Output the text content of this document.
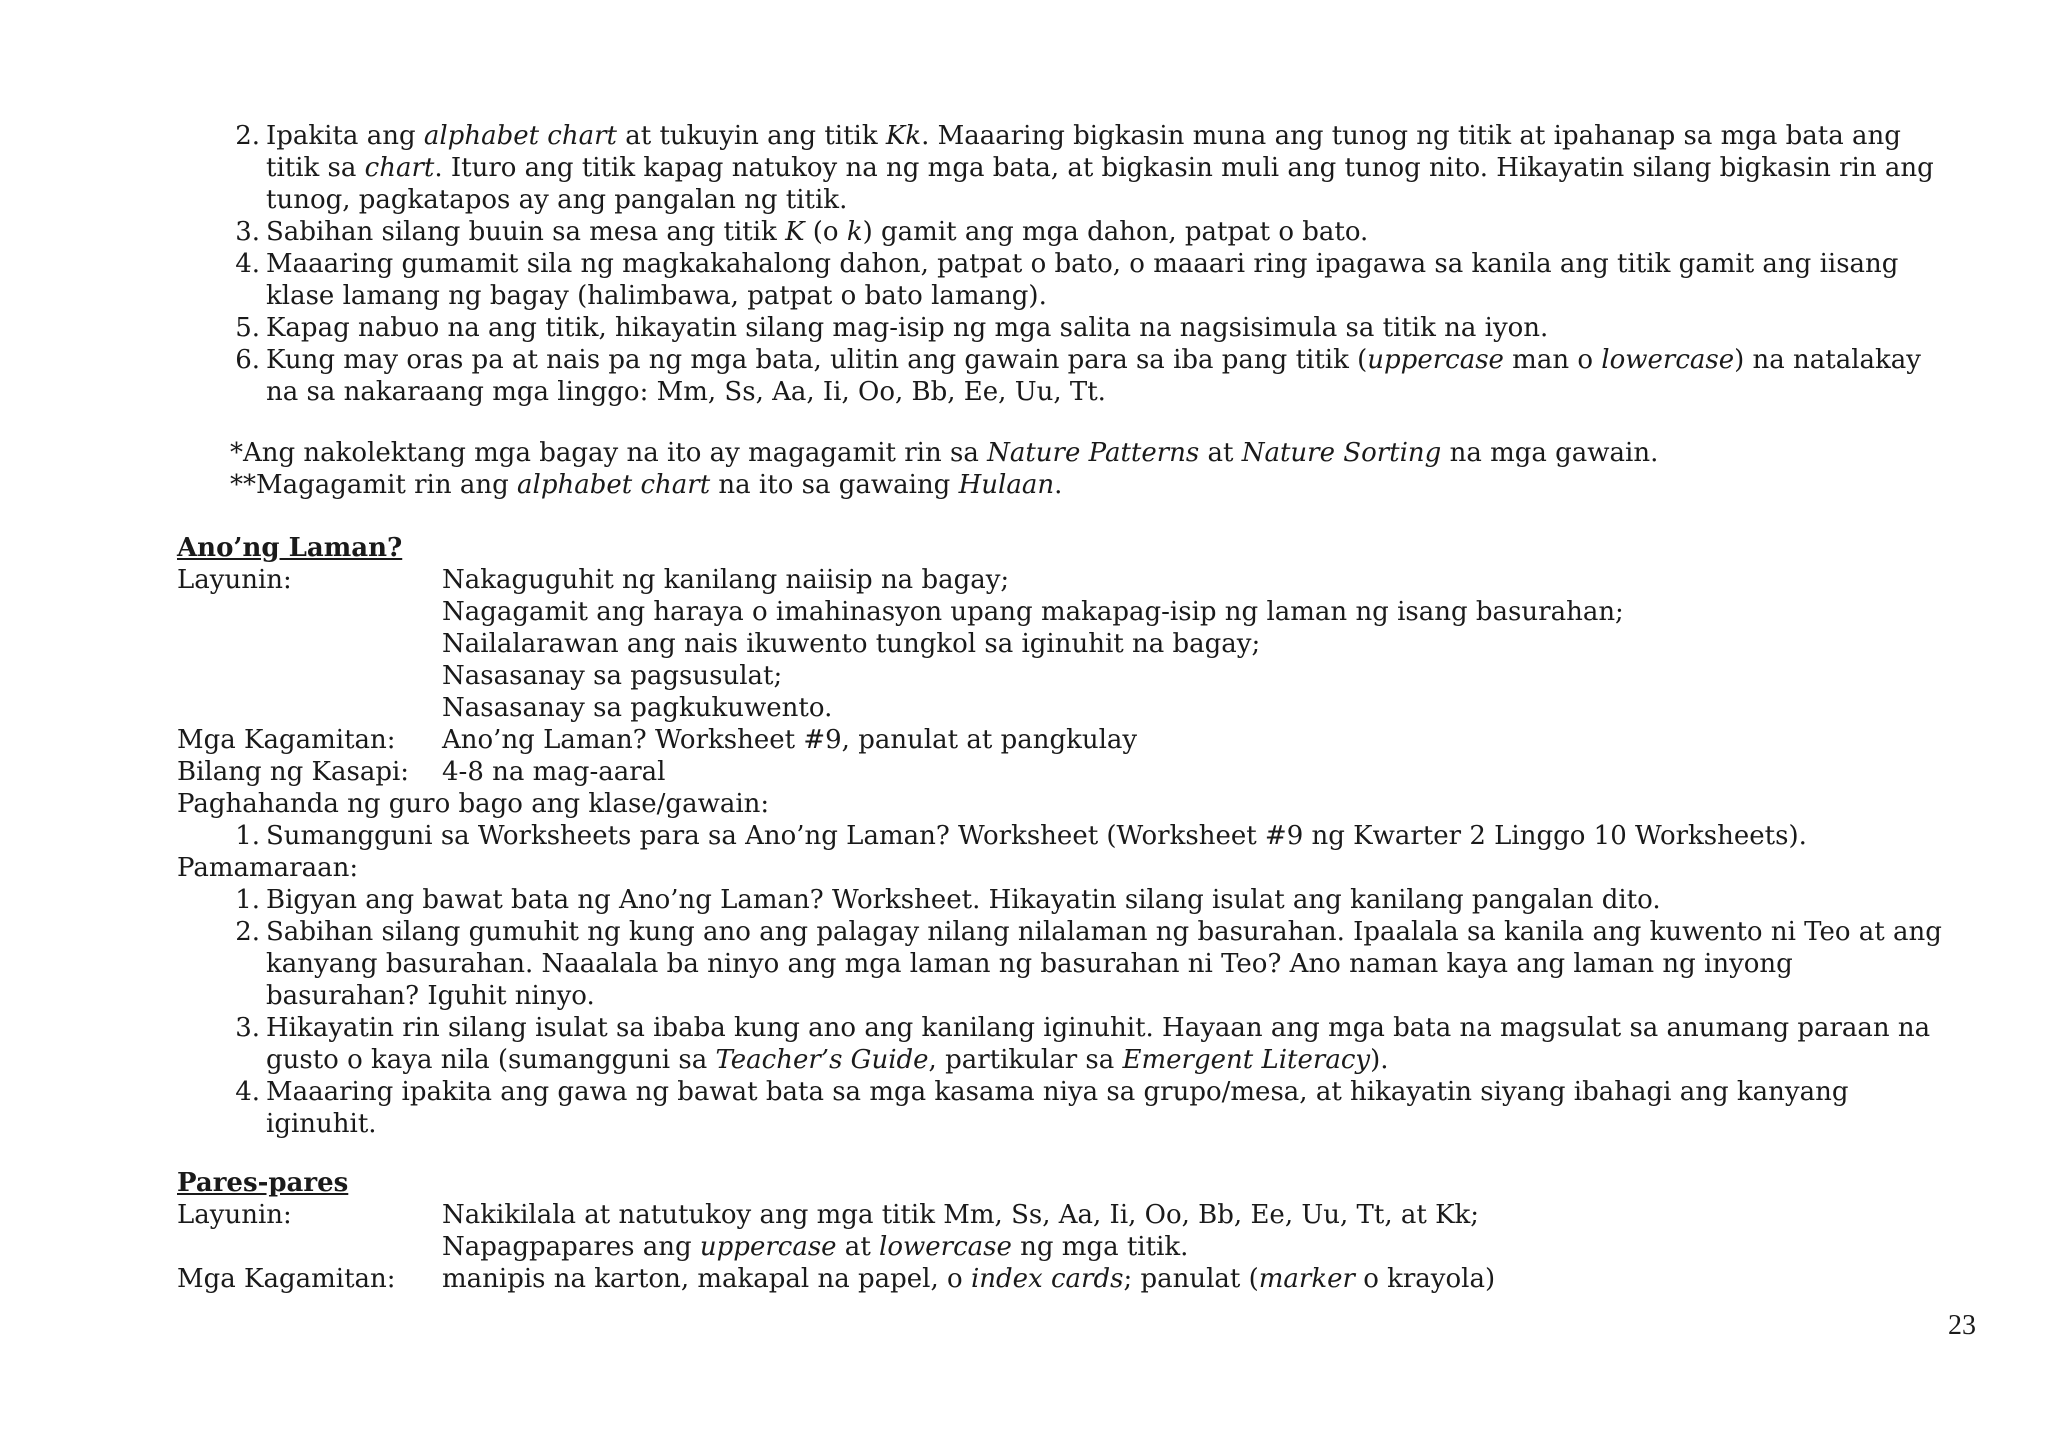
2. Ipakita ang alphabet chart at tukuyin ang titik Kk. Maaaring bigkasin muna ang tunog ng titik at ipahanap sa mga bata ang
titik sa chart. Ituro ang titik kapag natukoy na ng mga bata, at bigkasin muli ang tunog nito. Hikayatin silang bigkasin rin ang
tunog, pagkatapos ay ang pangalan ng titik.
3. Sabihan silang buuin sa mesa ang titik K (o k) gamit ang mga dahon, patpat o bato.
4. Maaaring gumamit sila ng magkakahalong dahon, patpat o bato, o maaari ring ipagawa sa kanila ang titik gamit ang iisang
klase lamang ng bagay (halimbawa, patpat o bato lamang).
5. Kapag nabuo na ang titik, hikayatin silang mag-isip ng mga salita na nagsisimula sa titik na iyon.
6. Kung may oras pa at nais pa ng mga bata, ulitin ang gawain para sa iba pang titik (uppercase man o lowercase) na natalakay
na sa nakaraang mga linggo: Mm, Ss, Aa, Ii, Oo, Bb, Ee, Uu, Tt.
*Ang nakolektang mga bagay na ito ay magagamit rin sa Nature Patterns at Nature Sorting na mga gawain.
**Magagamit rin ang alphabet chart na ito sa gawaing Hulaan.
Ano’ng Laman?
Layunin:	Nakaguguhit ng kanilang naiisip na bagay;
Nagagamit ang haraya o imahinasyon upang makapag-isip ng laman ng isang basurahan;
Nailalarawan ang nais ikuwento tungkol sa iginuhit na bagay;
Nasasanay sa pagsusulat;
Nasasanay sa pagkukuwento.
Mga Kagamitan: Ano’ng Laman? Worksheet #9, panulat at pangkulay
Bilang ng Kasapi: 4-8 na mag-aaral
Paghahanda ng guro bago ang klase/gawain:
1. Sumangguni sa Worksheets para sa Ano’ng Laman? Worksheet (Worksheet #9 ng Kwarter 2 Linggo 10 Worksheets).
Pamamaraan:
1. Bigyan ang bawat bata ng Ano’ng Laman? Worksheet. Hikayatin silang isulat ang kanilang pangalan dito.
2. Sabihan silang gumuhit ng kung ano ang palagay nilang nilalaman ng basurahan. Ipaalala sa kanila ang kuwento ni Teo at ang
kanyang basurahan. Naaalala ba ninyo ang mga laman ng basurahan ni Teo? Ano naman kaya ang laman ng inyong
basurahan? Iguhit ninyo.
3. Hikayatin rin silang isulat sa ibaba kung ano ang kanilang iginuhit. Hayaan ang mga bata na magsulat sa anumang paraan na
gusto o kaya nila (sumangguni sa Teacher’s Guide, partikular sa Emergent Literacy).
4. Maaaring ipakita ang gawa ng bawat bata sa mga kasama niya sa grupo/mesa, at hikayatin siyang ibahagi ang kanyang
iginuhit.
Pares-pares
Layunin:	Nakikilala at natutukoy ang mga titik Mm, Ss, Aa, Ii, Oo, Bb, Ee, Uu, Tt, at Kk;
Napagpapares ang uppercase at lowercase ng mga titik.
Mga Kagamitan: manipis na karton, makapal na papel, o index cards; panulat (marker o krayola)
23
